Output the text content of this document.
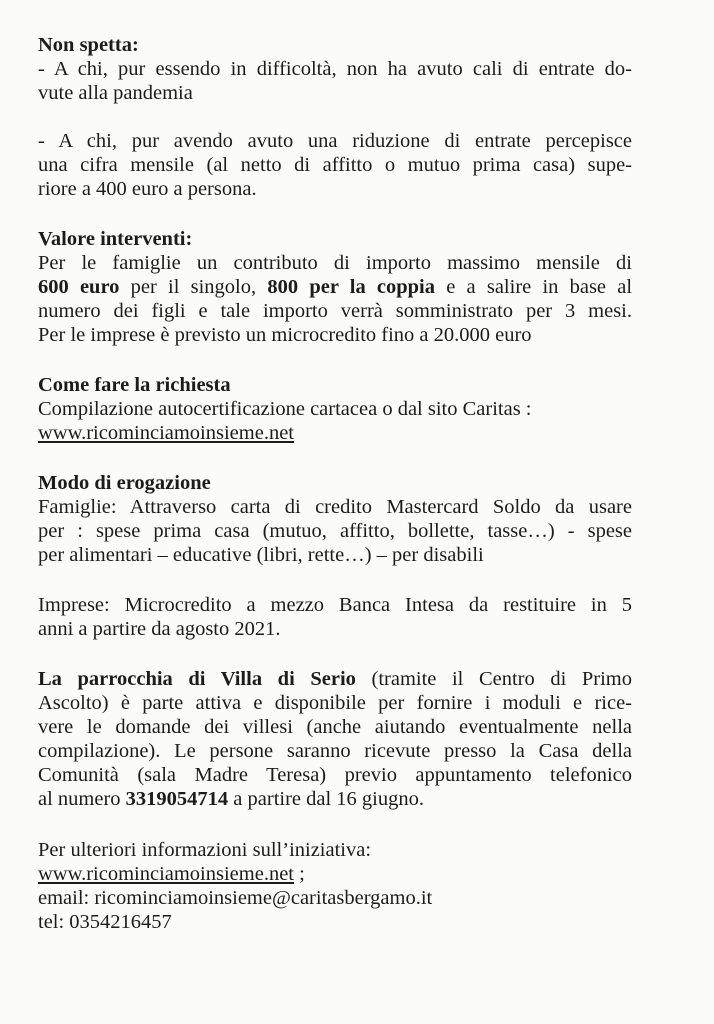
Non spetta:
- A chi, pur essendo in difficoltà, non ha avuto cali di entrate do-
vute alla pandemia
- A chi, pur avendo avuto una riduzione di entrate percepisce
una cifra mensile (al netto di affitto o mutuo prima casa) supe-
riore a 400 euro a persona.
Valore interventi:
Per le famiglie un contributo di importo massimo mensile di
600 euro per il singolo, 800 per la coppia e a salire in base al
numero dei figli e tale importo verrà somministrato per 3 mesi.
Per le imprese è previsto un microcredito fino a 20.000 euro
Come fare la richiesta
Compilazione autocertificazione cartacea o dal sito Caritas :
www.ricominciamoinsieme.net
Modo di erogazione
Famiglie: Attraverso carta di credito Mastercard Soldo da usare
per : spese prima casa (mutuo, affitto, bollette, tasse…) - spese
per alimentari – educative (libri, rette…) – per disabili
Imprese: Microcredito a mezzo Banca Intesa da restituire in 5
anni a partire da agosto 2021.
La parrocchia di Villa di Serio (tramite il Centro di Primo
Ascolto) è parte attiva e disponibile per fornire i moduli e rice-
vere le domande dei villesi (anche aiutando eventualmente nella
compilazione). Le persone saranno ricevute presso la Casa della
Comunità (sala Madre Teresa) previo appuntamento telefonico
al numero 3319054714 a partire dal 16 giugno.
Per ulteriori informazioni sull’iniziativa:
www.ricominciamoinsieme.net ;
email: ricominciamoinsieme@caritasbergamo.it
tel: 0354216457
